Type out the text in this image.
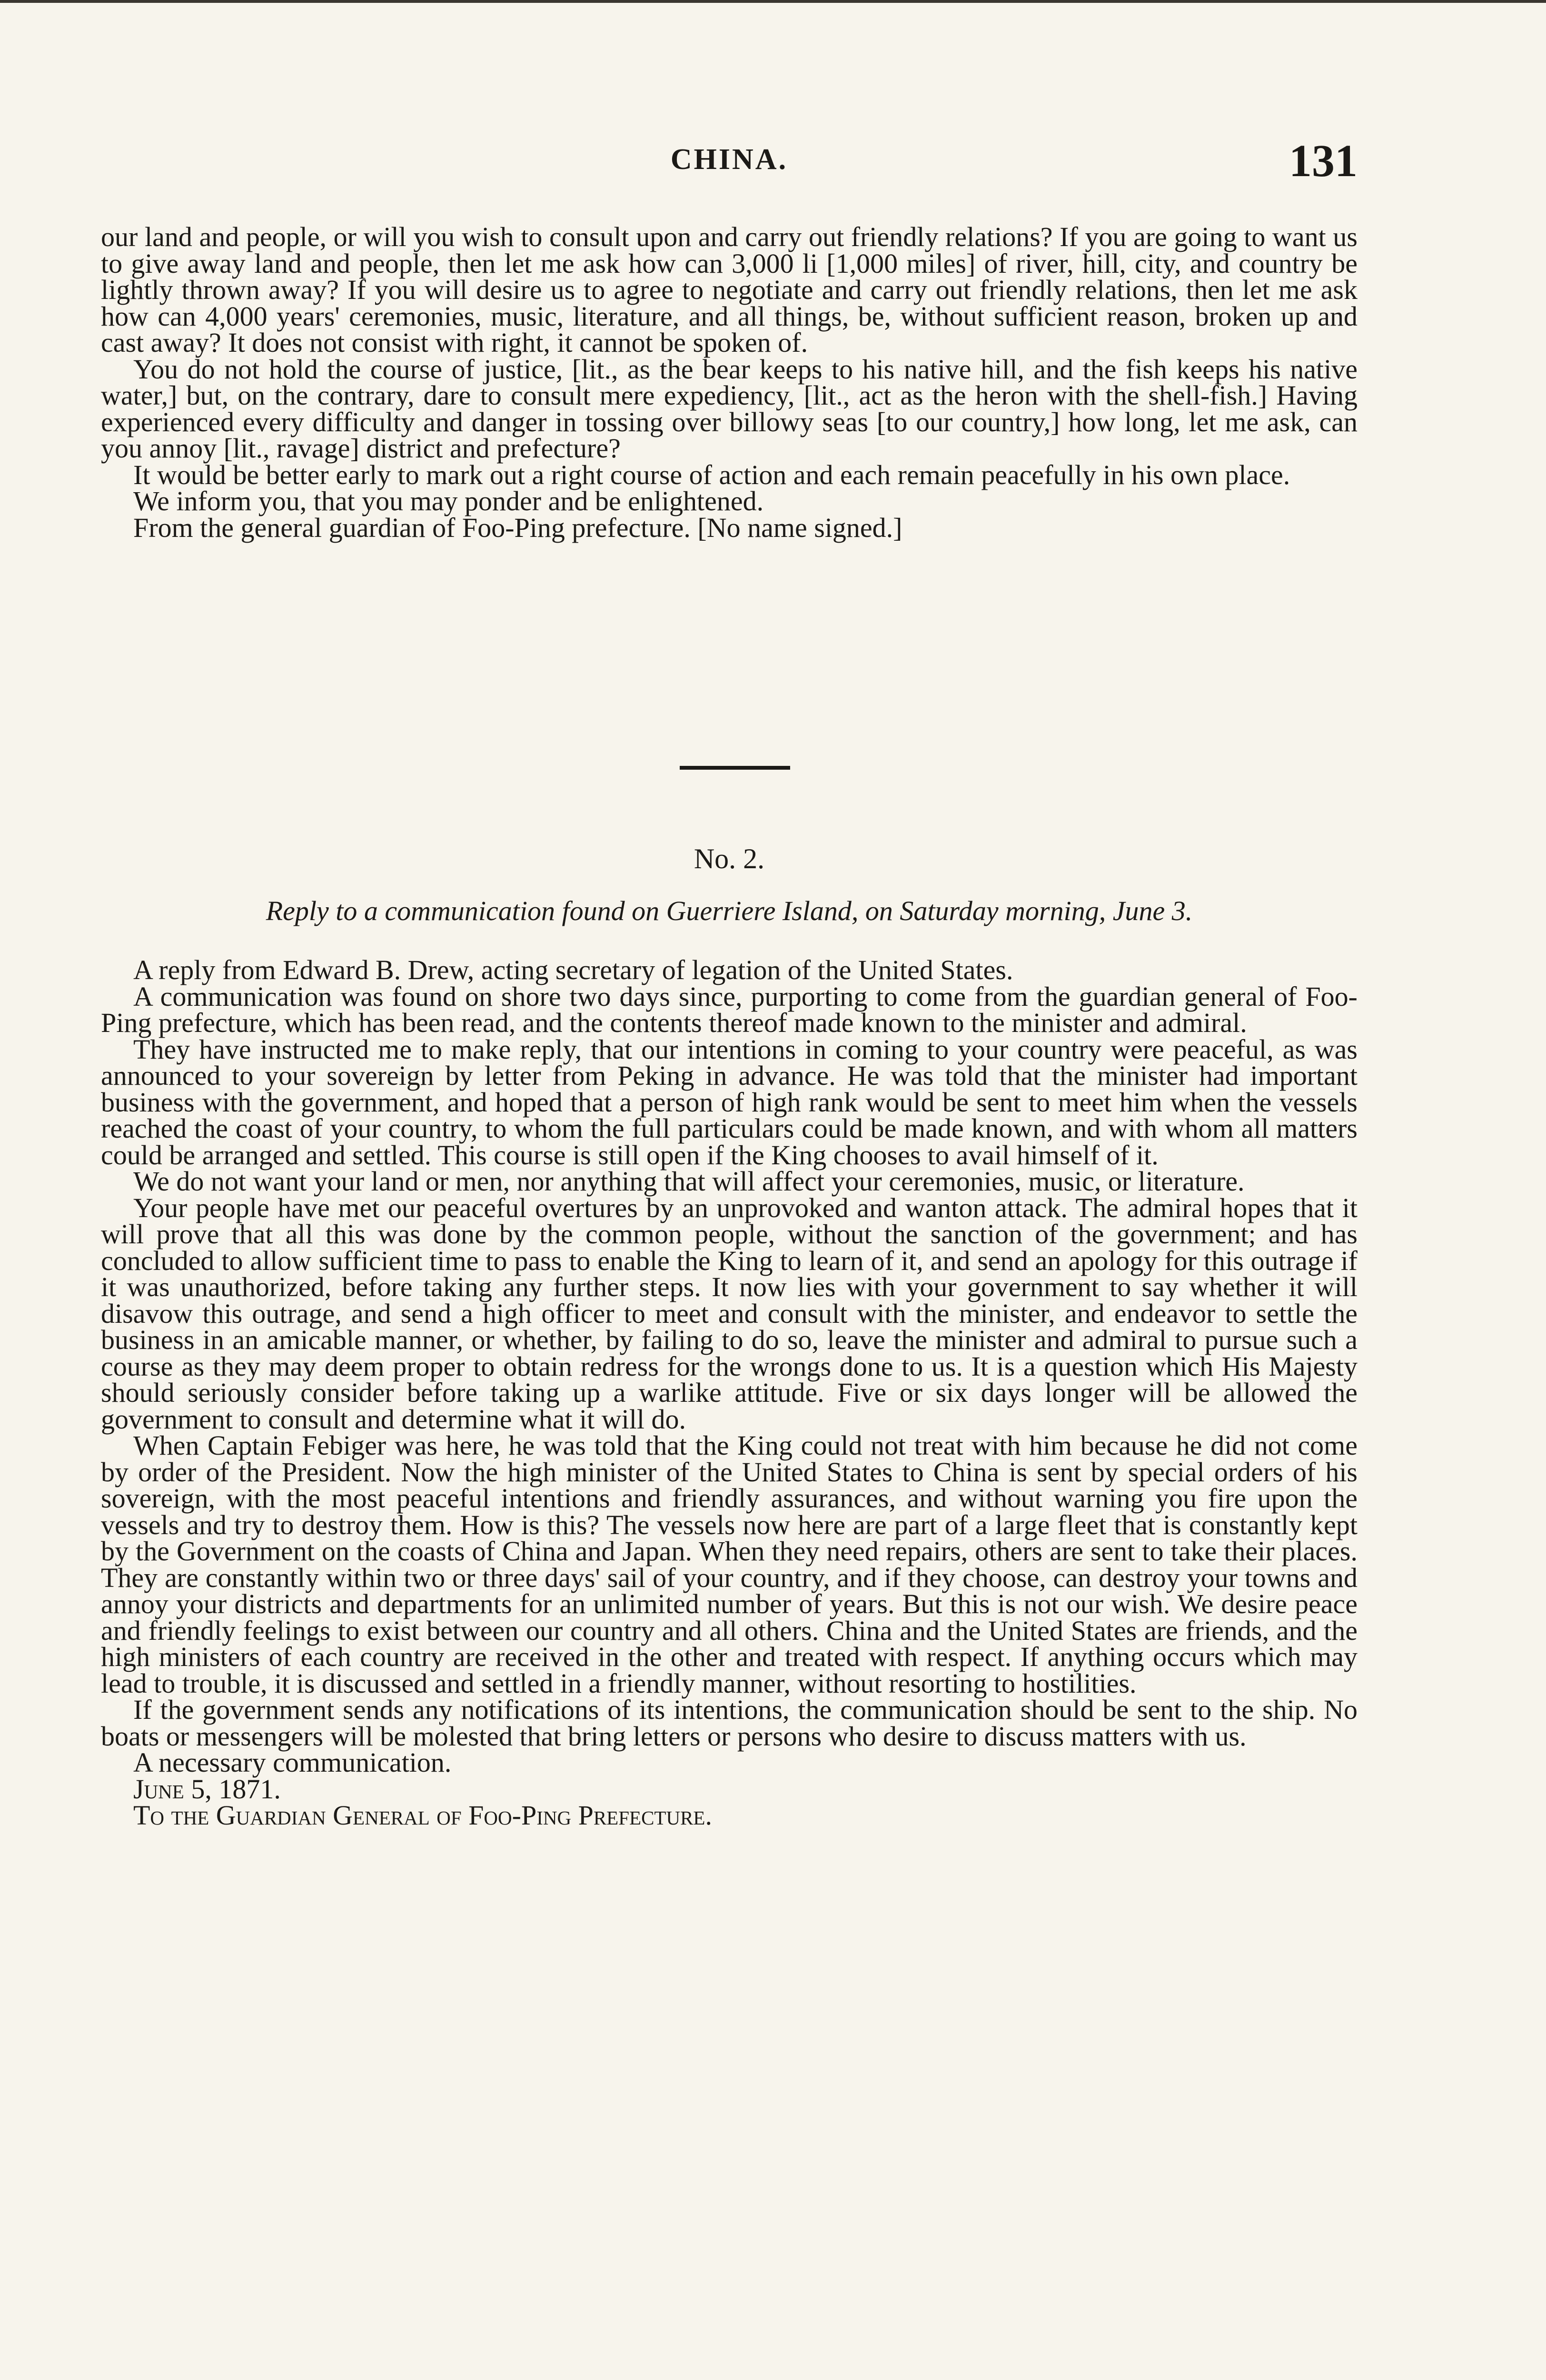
CHINA.	131

our land and people, or will you wish to consult upon and carry out friendly relations? If you are going to want us to give away land and people, then let me ask how can 3,000 li [1,000 miles] of river, hill, city, and country be lightly thrown away? If you will desire us to agree to negotiate and carry out friendly relations, then let me ask how can 4,000 years' ceremonies, music, literature, and all things, be, without sufficient reason, broken up and cast away? It does not consist with right, it cannot be spoken of.

You do not hold the course of justice, [lit., as the bear keeps to his native hill, and the fish keeps his native water,] but, on the contrary, dare to consult mere expediency, [lit., act as the heron with the shell-fish.] Having experienced every difficulty and danger in tossing over billowy seas [to our country,] how long, let me ask, can you annoy [lit., ravage] district and prefecture?

It would be better early to mark out a right course of action and each remain peacefully in his own place.

We inform you, that you may ponder and be enlightened.

From the general guardian of Foo-Ping prefecture. [No name signed.]

No. 2.
Reply to a communication found on Guerriere Island, on Saturday morning, June 3.

A reply from Edward B. Drew, acting secretary of legation of the United States.

A communication was found on shore two days since, purporting to come from the guardian general of Foo-Ping prefecture, which has been read, and the contents thereof made known to the minister and admiral.

They have instructed me to make reply, that our intentions in coming to your country were peaceful, as was announced to your sovereign by letter from Peking in advance. He was told that the minister had important business with the government, and hoped that a person of high rank would be sent to meet him when the vessels reached the coast of your country, to whom the full particulars could be made known, and with whom all matters could be arranged and settled. This course is still open if the King chooses to avail himself of it.

We do not want your land or men, nor anything that will affect your ceremonies, music, or literature.

Your people have met our peaceful overtures by an unprovoked and wanton attack. The admiral hopes that it will prove that all this was done by the common people, without the sanction of the government; and has concluded to allow sufficient time to pass to enable the King to learn of it, and send an apology for this outrage if it was unauthorized, before taking any further steps. It now lies with your government to say whether it will disavow this outrage, and send a high officer to meet and consult with the minister, and endeavor to settle the business in an amicable manner, or whether, by failing to do so, leave the minister and admiral to pursue such a course as they may deem proper to obtain redress for the wrongs done to us. It is a question which His Majesty should seriously consider before taking up a warlike attitude. Five or six days longer will be allowed the government to consult and determine what it will do.

When Captain Febiger was here, he was told that the King could not treat with him because he did not come by order of the President. Now the high minister of the United States to China is sent by special orders of his sovereign, with the most peaceful intentions and friendly assurances, and without warning you fire upon the vessels and try to destroy them. How is this? The vessels now here are part of a large fleet that is constantly kept by the Government on the coasts of China and Japan. When they need repairs, others are sent to take their places. They are constantly within two or three days' sail of your country, and if they choose, can destroy your towns and annoy your districts and departments for an unlimited number of years. But this is not our wish. We desire peace and friendly feelings to exist between our country and all others. China and the United States are friends, and the high ministers of each country are received in the other and treated with respect. If anything occurs which may lead to trouble, it is discussed and settled in a friendly manner, without resorting to hostilities.

If the government sends any notifications of its intentions, the communication should be sent to the ship. No boats or messengers will be molested that bring letters or persons who desire to discuss matters with us.

A necessary communication.

June 5, 1871.

To the Guardian General of Foo-Ping Prefecture.
